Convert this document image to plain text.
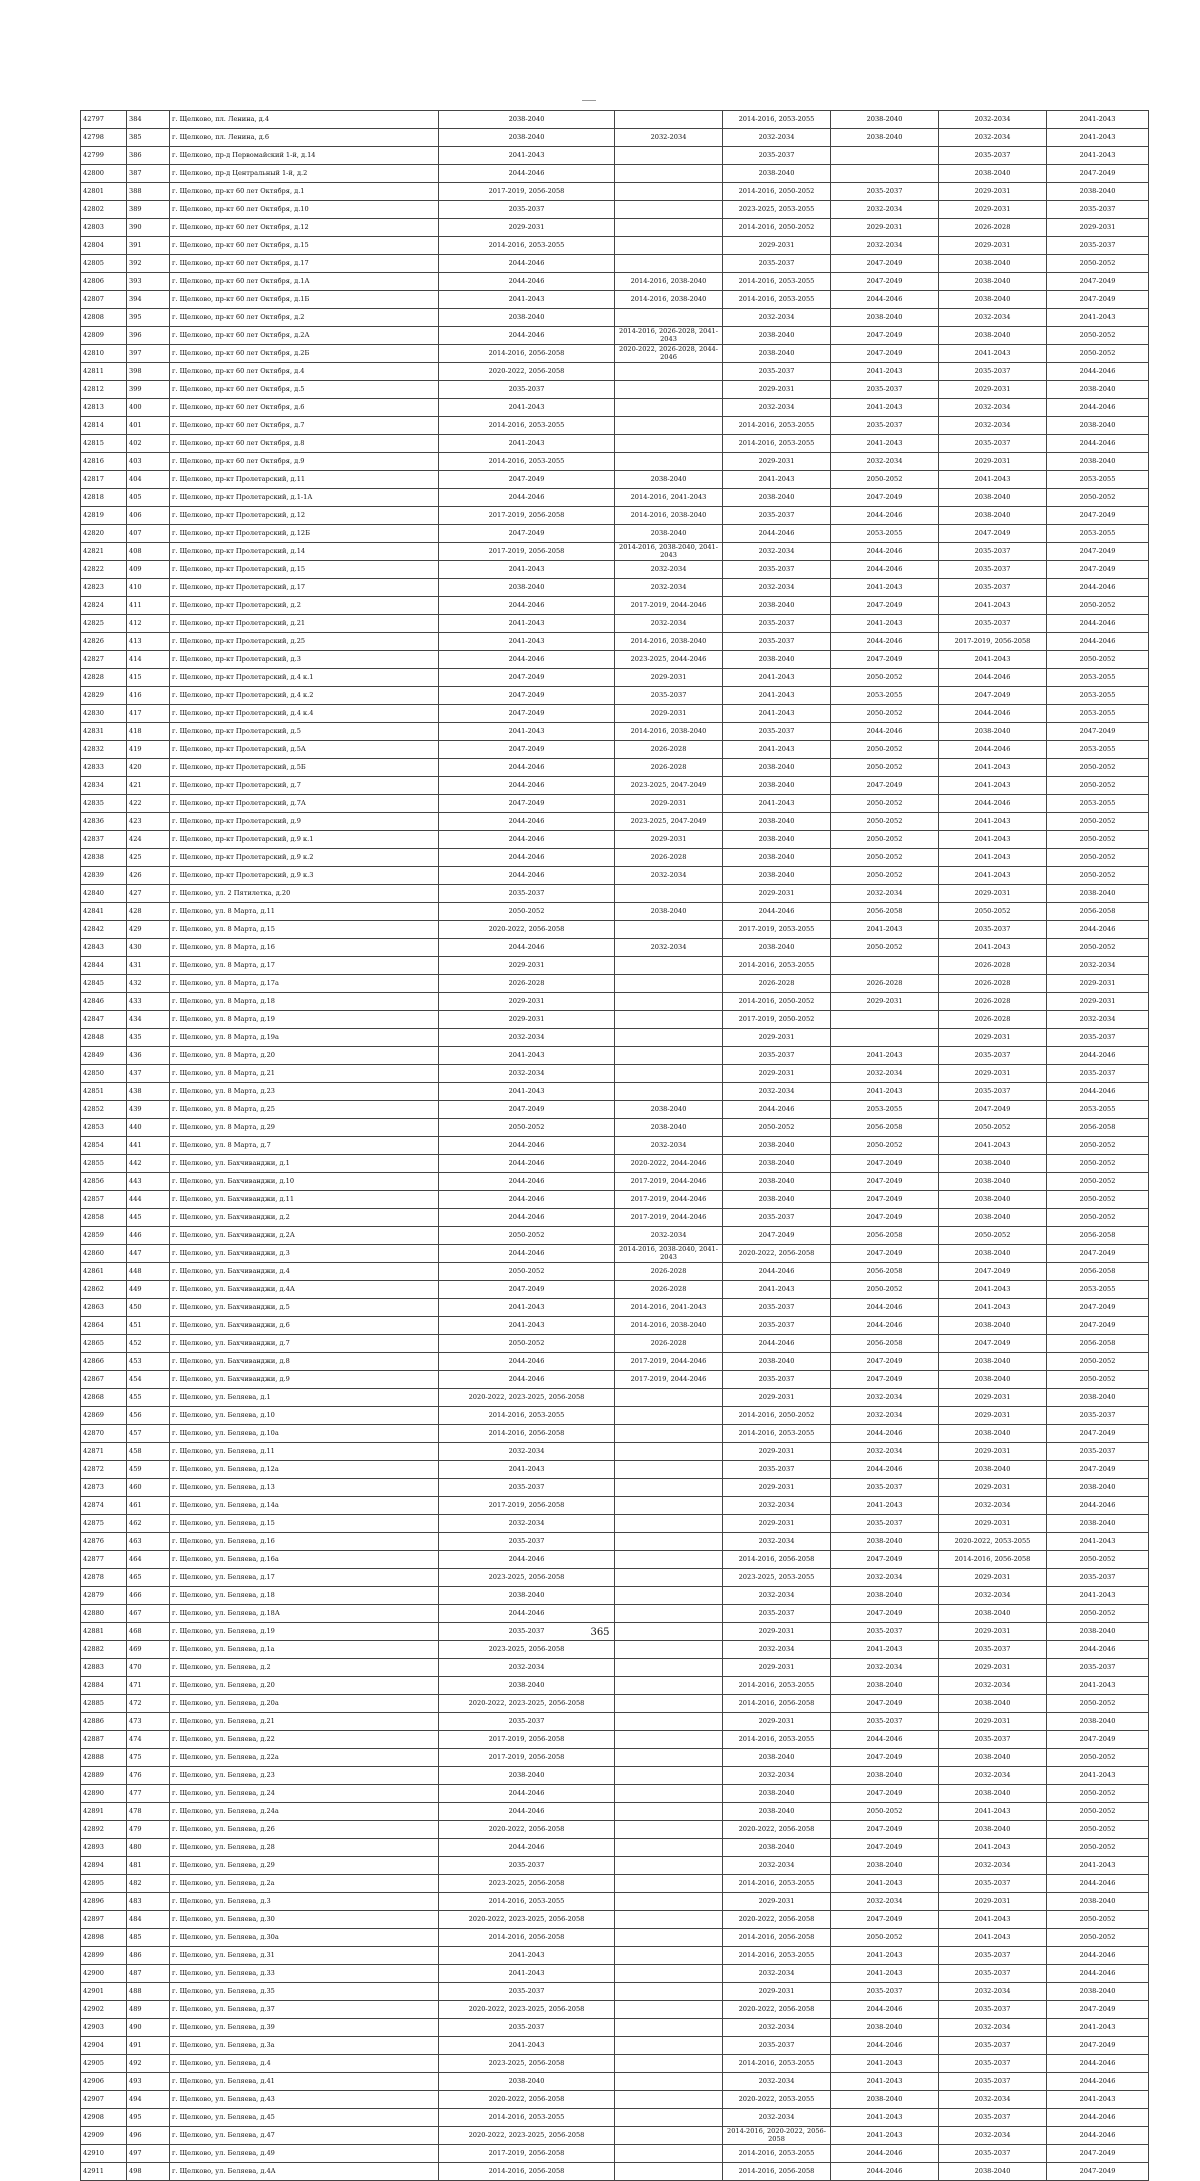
42797	384	г. Щелково, пл. Ленина, д.4	2038-2040		2014-2016, 2053-2055	2038-2040	2032-2034	2041-2043
42798	385	г. Щелково, пл. Ленина, д.6	2038-2040	2032-2034	2032-2034	2038-2040	2032-2034	2041-2043
42799	386	г. Щелково, пр-д Первомайский 1-й, д.14	2041-2043		2035-2037		2035-2037	2041-2043
42800	387	г. Щелково, пр-д Центральный 1-й, д.2	2044-2046		2038-2040		2038-2040	2047-2049
42801	388	г. Щелково, пр-кт 60 лет Октября, д.1	2017-2019, 2056-2058		2014-2016, 2050-2052	2035-2037	2029-2031	2038-2040
42802	389	г. Щелково, пр-кт 60 лет Октября, д.10	2035-2037		2023-2025, 2053-2055	2032-2034	2029-2031	2035-2037
42803	390	г. Щелково, пр-кт 60 лет Октября, д.12	2029-2031		2014-2016, 2050-2052	2029-2031	2026-2028	2029-2031
42804	391	г. Щелково, пр-кт 60 лет Октября, д.15	2014-2016, 2053-2055		2029-2031	2032-2034	2029-2031	2035-2037
42805	392	г. Щелково, пр-кт 60 лет Октября, д.17	2044-2046		2035-2037	2047-2049	2038-2040	2050-2052
42806	393	г. Щелково, пр-кт 60 лет Октября, д.1А	2044-2046	2014-2016, 2038-2040	2014-2016, 2053-2055	2047-2049	2038-2040	2047-2049
42807	394	г. Щелково, пр-кт 60 лет Октября, д.1Б	2041-2043	2014-2016, 2038-2040	2014-2016, 2053-2055	2044-2046	2038-2040	2047-2049
42808	395	г. Щелково, пр-кт 60 лет Октября, д.2	2038-2040		2032-2034	2038-2040	2032-2034	2041-2043
42809	396	г. Щелково, пр-кт 60 лет Октября, д.2А	2044-2046	2014-2016, 2026-2028, 2041-2043	2038-2040	2047-2049	2038-2040	2050-2052
42810	397	г. Щелково, пр-кт 60 лет Октября, д.2Б	2014-2016, 2056-2058	2020-2022, 2026-2028, 2044-2046	2038-2040	2047-2049	2041-2043	2050-2052
42811	398	г. Щелково, пр-кт 60 лет Октября, д.4	2020-2022, 2056-2058		2035-2037	2041-2043	2035-2037	2044-2046
42812	399	г. Щелково, пр-кт 60 лет Октября, д.5	2035-2037		2029-2031	2035-2037	2029-2031	2038-2040
42813	400	г. Щелково, пр-кт 60 лет Октября, д.6	2041-2043		2032-2034	2041-2043	2032-2034	2044-2046
42814	401	г. Щелково, пр-кт 60 лет Октября, д.7	2014-2016, 2053-2055		2014-2016, 2053-2055	2035-2037	2032-2034	2038-2040
42815	402	г. Щелково, пр-кт 60 лет Октября, д.8	2041-2043		2014-2016, 2053-2055	2041-2043	2035-2037	2044-2046
42816	403	г. Щелково, пр-кт 60 лет Октября, д.9	2014-2016, 2053-2055		2029-2031	2032-2034	2029-2031	2038-2040
42817	404	г. Щелково, пр-кт Пролетарский, д.11	2047-2049	2038-2040	2041-2043	2050-2052	2041-2043	2053-2055
42818	405	г. Щелково, пр-кт Пролетарский, д.1-1А	2044-2046	2014-2016, 2041-2043	2038-2040	2047-2049	2038-2040	2050-2052
42819	406	г. Щелково, пр-кт Пролетарский, д.12	2017-2019, 2056-2058	2014-2016, 2038-2040	2035-2037	2044-2046	2038-2040	2047-2049
42820	407	г. Щелково, пр-кт Пролетарский, д.12Б	2047-2049	2038-2040	2044-2046	2053-2055	2047-2049	2053-2055
42821	408	г. Щелково, пр-кт Пролетарский, д.14	2017-2019, 2056-2058	2014-2016, 2038-2040, 2041-2043	2032-2034	2044-2046	2035-2037	2047-2049
42822	409	г. Щелково, пр-кт Пролетарский, д.15	2041-2043	2032-2034	2035-2037	2044-2046	2035-2037	2047-2049
42823	410	г. Щелково, пр-кт Пролетарский, д.17	2038-2040	2032-2034	2032-2034	2041-2043	2035-2037	2044-2046
42824	411	г. Щелково, пр-кт Пролетарский, д.2	2044-2046	2017-2019, 2044-2046	2038-2040	2047-2049	2041-2043	2050-2052
42825	412	г. Щелково, пр-кт Пролетарский, д.21	2041-2043	2032-2034	2035-2037	2041-2043	2035-2037	2044-2046
42826	413	г. Щелково, пр-кт Пролетарский, д.25	2041-2043	2014-2016, 2038-2040	2035-2037	2044-2046	2017-2019, 2056-2058	2044-2046
42827	414	г. Щелково, пр-кт Пролетарский, д.3	2044-2046	2023-2025, 2044-2046	2038-2040	2047-2049	2041-2043	2050-2052
42828	415	г. Щелково, пр-кт Пролетарский, д.4 к.1	2047-2049	2029-2031	2041-2043	2050-2052	2044-2046	2053-2055
42829	416	г. Щелково, пр-кт Пролетарский, д.4 к.2	2047-2049	2035-2037	2041-2043	2053-2055	2047-2049	2053-2055
42830	417	г. Щелково, пр-кт Пролетарский, д.4 к.4	2047-2049	2029-2031	2041-2043	2050-2052	2044-2046	2053-2055
42831	418	г. Щелково, пр-кт Пролетарский, д.5	2041-2043	2014-2016, 2038-2040	2035-2037	2044-2046	2038-2040	2047-2049
42832	419	г. Щелково, пр-кт Пролетарский, д.5А	2047-2049	2026-2028	2041-2043	2050-2052	2044-2046	2053-2055
42833	420	г. Щелково, пр-кт Пролетарский, д.5Б	2044-2046	2026-2028	2038-2040	2050-2052	2041-2043	2050-2052
42834	421	г. Щелково, пр-кт Пролетарский, д.7	2044-2046	2023-2025, 2047-2049	2038-2040	2047-2049	2041-2043	2050-2052
42835	422	г. Щелково, пр-кт Пролетарский, д.7А	2047-2049	2029-2031	2041-2043	2050-2052	2044-2046	2053-2055
42836	423	г. Щелково, пр-кт Пролетарский, д.9	2044-2046	2023-2025, 2047-2049	2038-2040	2050-2052	2041-2043	2050-2052
42837	424	г. Щелково, пр-кт Пролетарский, д.9 к.1	2044-2046	2029-2031	2038-2040	2050-2052	2041-2043	2050-2052
42838	425	г. Щелково, пр-кт Пролетарский, д.9 к.2	2044-2046	2026-2028	2038-2040	2050-2052	2041-2043	2050-2052
42839	426	г. Щелково, пр-кт Пролетарский, д.9 к.3	2044-2046	2032-2034	2038-2040	2050-2052	2041-2043	2050-2052
42840	427	г. Щелково, ул. 2 Пятилетка, д.20	2035-2037		2029-2031	2032-2034	2029-2031	2038-2040
42841	428	г. Щелково, ул. 8 Марта, д.11	2050-2052	2038-2040	2044-2046	2056-2058	2050-2052	2056-2058
42842	429	г. Щелково, ул. 8 Марта, д.15	2020-2022, 2056-2058		2017-2019, 2053-2055	2041-2043	2035-2037	2044-2046
42843	430	г. Щелково, ул. 8 Марта, д.16	2044-2046	2032-2034	2038-2040	2050-2052	2041-2043	2050-2052
42844	431	г. Щелково, ул. 8 Марта, д.17	2029-2031		2014-2016, 2053-2055		2026-2028	2032-2034
42845	432	г. Щелково, ул. 8 Марта, д.17а	2026-2028		2026-2028	2026-2028	2026-2028	2029-2031
42846	433	г. Щелково, ул. 8 Марта, д.18	2029-2031		2014-2016, 2050-2052	2029-2031	2026-2028	2029-2031
42847	434	г. Щелково, ул. 8 Марта, д.19	2029-2031		2017-2019, 2050-2052		2026-2028	2032-2034
42848	435	г. Щелково, ул. 8 Марта, д.19а	2032-2034		2029-2031		2029-2031	2035-2037
42849	436	г. Щелково, ул. 8 Марта, д.20	2041-2043		2035-2037	2041-2043	2035-2037	2044-2046
42850	437	г. Щелково, ул. 8 Марта, д.21	2032-2034		2029-2031	2032-2034	2029-2031	2035-2037
42851	438	г. Щелково, ул. 8 Марта, д.23	2041-2043		2032-2034	2041-2043	2035-2037	2044-2046
42852	439	г. Щелково, ул. 8 Марта, д.25	2047-2049	2038-2040	2044-2046	2053-2055	2047-2049	2053-2055
42853	440	г. Щелково, ул. 8 Марта, д.29	2050-2052	2038-2040	2050-2052	2056-2058	2050-2052	2056-2058
42854	441	г. Щелково, ул. 8 Марта, д.7	2044-2046	2032-2034	2038-2040	2050-2052	2041-2043	2050-2052
42855	442	г. Щелково, ул. Бахчиванджи, д.1	2044-2046	2020-2022, 2044-2046	2038-2040	2047-2049	2038-2040	2050-2052
42856	443	г. Щелково, ул. Бахчиванджи, д.10	2044-2046	2017-2019, 2044-2046	2038-2040	2047-2049	2038-2040	2050-2052
42857	444	г. Щелково, ул. Бахчиванджи, д.11	2044-2046	2017-2019, 2044-2046	2038-2040	2047-2049	2038-2040	2050-2052
42858	445	г. Щелково, ул. Бахчиванджи, д.2	2044-2046	2017-2019, 2044-2046	2035-2037	2047-2049	2038-2040	2050-2052
42859	446	г. Щелково, ул. Бахчиванджи, д.2А	2050-2052	2032-2034	2047-2049	2056-2058	2050-2052	2056-2058
42860	447	г. Щелково, ул. Бахчиванджи, д.3	2044-2046	2014-2016, 2038-2040, 2041-2043	2020-2022, 2056-2058	2047-2049	2038-2040	2047-2049
42861	448	г. Щелково, ул. Бахчиванджи, д.4	2050-2052	2026-2028	2044-2046	2056-2058	2047-2049	2056-2058
42862	449	г. Щелково, ул. Бахчиванджи, д.4А	2047-2049	2026-2028	2041-2043	2050-2052	2041-2043	2053-2055
42863	450	г. Щелково, ул. Бахчиванджи, д.5	2041-2043	2014-2016, 2041-2043	2035-2037	2044-2046	2041-2043	2047-2049
42864	451	г. Щелково, ул. Бахчиванджи, д.6	2041-2043	2014-2016, 2038-2040	2035-2037	2044-2046	2038-2040	2047-2049
42865	452	г. Щелково, ул. Бахчиванджи, д.7	2050-2052	2026-2028	2044-2046	2056-2058	2047-2049	2056-2058
42866	453	г. Щелково, ул. Бахчиванджи, д.8	2044-2046	2017-2019, 2044-2046	2038-2040	2047-2049	2038-2040	2050-2052
42867	454	г. Щелково, ул. Бахчиванджи, д.9	2044-2046	2017-2019, 2044-2046	2035-2037	2047-2049	2038-2040	2050-2052
42868	455	г. Щелково, ул. Беляева, д.1	2020-2022, 2023-2025, 2056-2058		2029-2031	2032-2034	2029-2031	2038-2040
42869	456	г. Щелково, ул. Беляева, д.10	2014-2016, 2053-2055		2014-2016, 2050-2052	2032-2034	2029-2031	2035-2037
42870	457	г. Щелково, ул. Беляева, д.10а	2014-2016, 2056-2058		2014-2016, 2053-2055	2044-2046	2038-2040	2047-2049
42871	458	г. Щелково, ул. Беляева, д.11	2032-2034		2029-2031	2032-2034	2029-2031	2035-2037
42872	459	г. Щелково, ул. Беляева, д.12а	2041-2043		2035-2037	2044-2046	2038-2040	2047-2049
42873	460	г. Щелково, ул. Беляева, д.13	2035-2037		2029-2031	2035-2037	2029-2031	2038-2040
42874	461	г. Щелково, ул. Беляева, д.14а	2017-2019, 2056-2058		2032-2034	2041-2043	2032-2034	2044-2046
42875	462	г. Щелково, ул. Беляева, д.15	2032-2034		2029-2031	2035-2037	2029-2031	2038-2040
42876	463	г. Щелково, ул. Беляева, д.16	2035-2037		2032-2034	2038-2040	2020-2022, 2053-2055	2041-2043
42877	464	г. Щелково, ул. Беляева, д.16а	2044-2046		2014-2016, 2056-2058	2047-2049	2014-2016, 2056-2058	2050-2052
42878	465	г. Щелково, ул. Беляева, д.17	2023-2025, 2056-2058		2023-2025, 2053-2055	2032-2034	2029-2031	2035-2037
42879	466	г. Щелково, ул. Беляева, д.18	2038-2040		2032-2034	2038-2040	2032-2034	2041-2043
42880	467	г. Щелково, ул. Беляева, д.18А	2044-2046		2035-2037	2047-2049	2038-2040	2050-2052
42881	468	г. Щелково, ул. Беляева, д.19	2035-2037		2029-2031	2035-2037	2029-2031	2038-2040
42882	469	г. Щелково, ул. Беляева, д.1а	2023-2025, 2056-2058		2032-2034	2041-2043	2035-2037	2044-2046
42883	470	г. Щелково, ул. Беляева, д.2	2032-2034		2029-2031	2032-2034	2029-2031	2035-2037
42884	471	г. Щелково, ул. Беляева, д.20	2038-2040		2014-2016, 2053-2055	2038-2040	2032-2034	2041-2043
42885	472	г. Щелково, ул. Беляева, д.20а	2020-2022, 2023-2025, 2056-2058		2014-2016, 2056-2058	2047-2049	2038-2040	2050-2052
42886	473	г. Щелково, ул. Беляева, д.21	2035-2037		2029-2031	2035-2037	2029-2031	2038-2040
42887	474	г. Щелково, ул. Беляева, д.22	2017-2019, 2056-2058		2014-2016, 2053-2055	2044-2046	2035-2037	2047-2049
42888	475	г. Щелково, ул. Беляева, д.22а	2017-2019, 2056-2058		2038-2040	2047-2049	2038-2040	2050-2052
42889	476	г. Щелково, ул. Беляева, д.23	2038-2040		2032-2034	2038-2040	2032-2034	2041-2043
42890	477	г. Щелково, ул. Беляева, д.24	2044-2046		2038-2040	2047-2049	2038-2040	2050-2052
42891	478	г. Щелково, ул. Беляева, д.24а	2044-2046		2038-2040	2050-2052	2041-2043	2050-2052
42892	479	г. Щелково, ул. Беляева, д.26	2020-2022, 2056-2058		2020-2022, 2056-2058	2047-2049	2038-2040	2050-2052
42893	480	г. Щелково, ул. Беляева, д.28	2044-2046		2038-2040	2047-2049	2041-2043	2050-2052
42894	481	г. Щелково, ул. Беляева, д.29	2035-2037		2032-2034	2038-2040	2032-2034	2041-2043
42895	482	г. Щелково, ул. Беляева, д.2а	2023-2025, 2056-2058		2014-2016, 2053-2055	2041-2043	2035-2037	2044-2046
42896	483	г. Щелково, ул. Беляева, д.3	2014-2016, 2053-2055		2029-2031	2032-2034	2029-2031	2038-2040
42897	484	г. Щелково, ул. Беляева, д.30	2020-2022, 2023-2025, 2056-2058		2020-2022, 2056-2058	2047-2049	2041-2043	2050-2052
42898	485	г. Щелково, ул. Беляева, д.30а	2014-2016, 2056-2058		2014-2016, 2056-2058	2050-2052	2041-2043	2050-2052
42899	486	г. Щелково, ул. Беляева, д.31	2041-2043		2014-2016, 2053-2055	2041-2043	2035-2037	2044-2046
42900	487	г. Щелково, ул. Беляева, д.33	2041-2043		2032-2034	2041-2043	2035-2037	2044-2046
42901	488	г. Щелково, ул. Беляева, д.35	2035-2037		2029-2031	2035-2037	2032-2034	2038-2040
42902	489	г. Щелково, ул. Беляева, д.37	2020-2022, 2023-2025, 2056-2058		2020-2022, 2056-2058	2044-2046	2035-2037	2047-2049
42903	490	г. Щелково, ул. Беляева, д.39	2035-2037		2032-2034	2038-2040	2032-2034	2041-2043
42904	491	г. Щелково, ул. Беляева, д.3а	2041-2043		2035-2037	2044-2046	2035-2037	2047-2049
42905	492	г. Щелково, ул. Беляева, д.4	2023-2025, 2056-2058		2014-2016, 2053-2055	2041-2043	2035-2037	2044-2046
42906	493	г. Щелково, ул. Беляева, д.41	2038-2040		2032-2034	2041-2043	2035-2037	2044-2046
42907	494	г. Щелково, ул. Беляева, д.43	2020-2022, 2056-2058		2020-2022, 2053-2055	2038-2040	2032-2034	2041-2043
42908	495	г. Щелково, ул. Беляева, д.45	2014-2016, 2053-2055		2032-2034	2041-2043	2035-2037	2044-2046
42909	496	г. Щелково, ул. Беляева, д.47	2020-2022, 2023-2025, 2056-2058		2014-2016, 2020-2022, 2056-2058	2041-2043	2032-2034	2044-2046
42910	497	г. Щелково, ул. Беляева, д.49	2017-2019, 2056-2058		2014-2016, 2053-2055	2044-2046	2035-2037	2047-2049
42911	498	г. Щелково, ул. Беляева, д.4А	2014-2016, 2056-2058		2014-2016, 2056-2058	2044-2046	2038-2040	2047-2049
365
